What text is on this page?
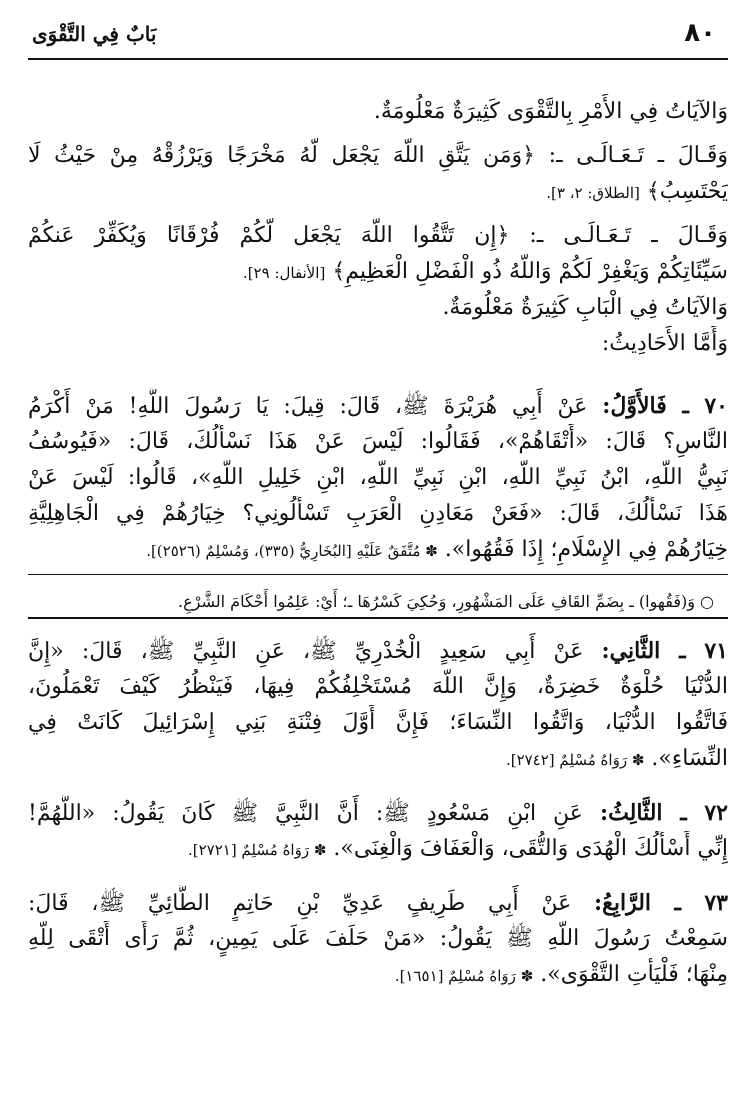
٨٠
بَابٌ فِي التَّقْوَى
وَالآيَاتُ فِي الأَمْرِ بِالتَّقْوَى كَثِيرَةٌ مَعْلُومَةٌ.
وَقَـالَ ـ تَـعَـالَـى ـ: ﴿وَمَن يَتَّقِ اللَّهَ يَجْعَل لَّهُ مَخْرَجًا وَيَرْزُقْهُ مِنْ حَيْثُ لَا
يَحْتَسِبُ﴾ [الطلاق: ٢، ٣].
وَقَـالَ ـ تَـعَـالَـى ـ: ﴿إِن تَتَّقُوا اللَّهَ يَجْعَل لَّكُمْ فُرْقَانًا وَيُكَفِّرْ عَنكُمْ
سَيِّئَاتِكُمْ وَيَغْفِرْ لَكُمْ وَاللَّهُ ذُو الْفَضْلِ الْعَظِيمِ﴾ [الأنفال: ٢٩].
وَالآيَاتُ فِي الْبَابِ كَثِيرَةٌ مَعْلُومَةٌ.
وَأَمَّا الأَحَادِيثُ:
٧٠ ـ فَالأَوَّلُ: عَنْ أَبِي هُرَيْرَةَ ﷺ، قَالَ: قِيلَ: يَا رَسُولَ اللَّهِ! مَنْ أَكْرَمُ
النَّاسِ؟ قَالَ: «أَتْقَاهُمْ»، فَقَالُوا: لَيْسَ عَنْ هَذَا نَسْأَلُكَ، قَالَ: «فَيُوسُفُ
نَبِيُّ اللَّهِ، ابْنُ نَبِيِّ اللَّهِ، ابْنِ نَبِيِّ اللَّهِ، ابْنِ خَلِيلِ اللَّهِ»، قَالُوا: لَيْسَ عَنْ
هَذَا نَسْأَلُكَ، قَالَ: «فَعَنْ مَعَادِنِ الْعَرَبِ تَسْأَلُونِي؟ خِيَارُهُمْ فِي الْجَاهِلِيَّةِ
خِيَارُهُمْ فِي الإِسْلَامِ؛ إِذَا فَقُهُوا». ✽ مُتَّفَقٌ عَلَيْهِ [البُخَارِيُّ (٣٣٥)، وَمُسْلِمٌ (٢٥٢٦)].
○ وَ(فَقُهوا) ـ بِضَمِّ القَافِ عَلَى المَشْهُورِ، وَحُكِيَ كَسْرُهَا ـ؛ أَيْ: عَلِمُوا أَحْكَامَ الشَّرْعِ.
٧١ ـ الثَّانِي: عَنْ أَبِي سَعِيدٍ الْخُدْرِيِّ ﷺ، عَنِ النَّبِيِّ ﷺ، قَالَ: «إِنَّ
الدُّنْيَا حُلْوَةٌ خَضِرَةٌ، وَإِنَّ اللَّهَ مُسْتَخْلِفُكُمْ فِيهَا، فَيَنْظُرُ كَيْفَ تَعْمَلُونَ،
فَاتَّقُوا الدُّنْيَا، وَاتَّقُوا النِّسَاءَ؛ فَإِنَّ أَوَّلَ فِتْنَةِ بَنِي إِسْرَائِيلَ كَانَتْ فِي
النِّسَاءِ». ✽ رَوَاهُ مُسْلِمٌ [٢٧٤٢].
٧٢ ـ الثَّالِثُ: عَنِ ابْنِ مَسْعُودٍ ﷺ: أَنَّ النَّبِيَّ ﷺ كَانَ يَقُولُ: «اللَّهُمَّ!
إِنِّي أَسْأَلُكَ الْهُدَى وَالتُّقَى، وَالْعَفَافَ وَالْغِنَى». ✽ رَوَاهُ مُسْلِمٌ [٢٧٢١].
٧٣ ـ الرَّابِعُ: عَنْ أَبِي طَرِيفٍ عَدِيِّ بْنِ حَاتِمٍ الطَّائِيِّ ﷺ، قَالَ:
سَمِعْتُ رَسُولَ اللَّهِ ﷺ يَقُولُ: «مَنْ حَلَفَ عَلَى يَمِينٍ، ثُمَّ رَأَى أَتْقَى لِلَّهِ
مِنْهَا؛ فَلْيَأْتِ التَّقْوَى». ✽ رَوَاهُ مُسْلِمٌ [١٦٥١].
